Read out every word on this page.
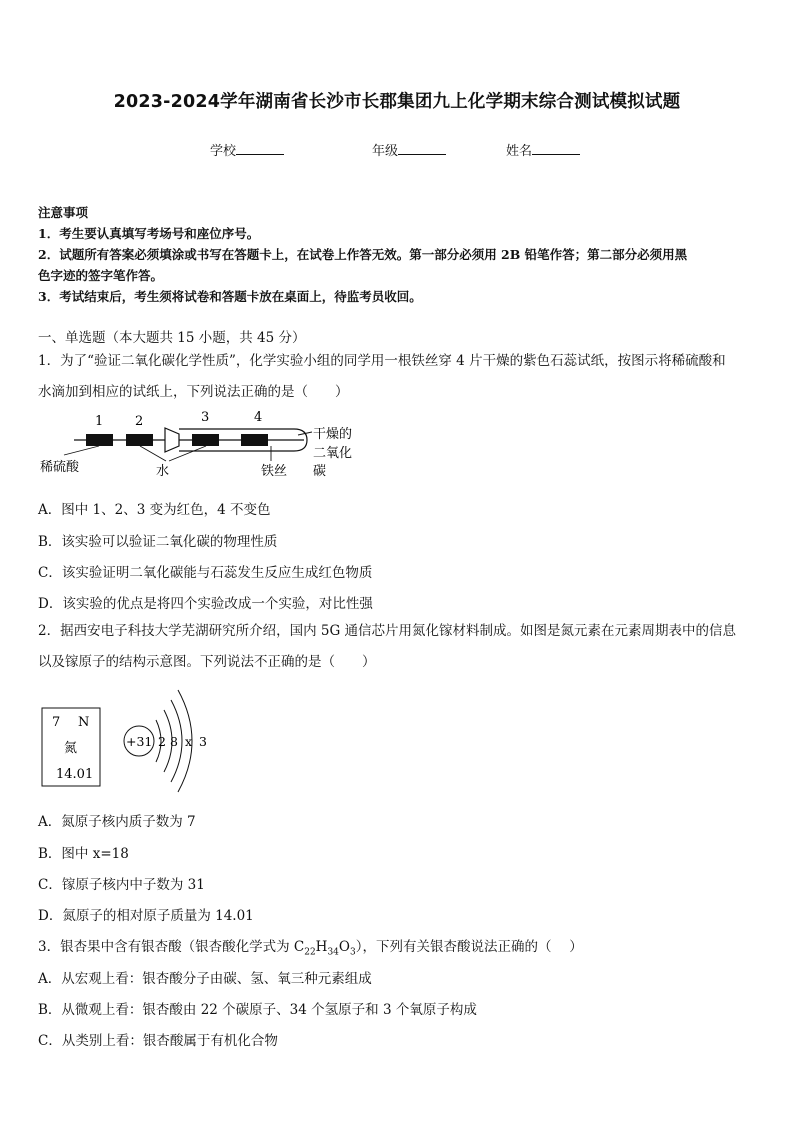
2023-2024学年湖南省长沙市长郡集团九上化学期末综合测试模拟试题
学校	年级	姓名
注意事项
1．考生要认真填写考场号和座位序号。
2．试题所有答案必须填涂或书写在答题卡上，在试卷上作答无效。第一部分必须用 2B 铅笔作答；第二部分必须用黑
色字迹的签字笔作答。
3．考试结束后，考生须将试卷和答题卡放在桌面上，待监考员收回。
一、单选题（本大题共 15 小题，共 45 分）
1．为了“验证二氧化碳化学性质”，化学实验小组的同学用一根铁丝穿 4 片干燥的紫色石蕊试纸，按图示将稀硫酸和
水滴加到相应的试纸上，下列说法正确的是（　　）
1 2	3	4
稀硫酸	水	铁丝
干燥的
二氧化
碳
A．图中 1、2、3 变为红色，4 不变色
B．该实验可以验证二氧化碳的物理性质
C．该实验证明二氧化碳能与石蕊发生反应生成红色物质
D．该实验的优点是将四个实验改成一个实验，对比性强
2．据西安电子科技大学芜湖研究所介绍，国内 5G 通信芯片用氮化镓材料制成。如图是氮元素在元素周期表中的信息
以及镓原子的结构示意图。下列说法不正确的是（　　）
7 N
氮
14.01
+31 2 8 x 3
A．氮原子核内质子数为 7
B．图中 x=18
C．镓原子核内中子数为 31
D．氮原子的相对原子质量为 14.01
3．银杏果中含有银杏酸（银杏酸化学式为 $C_{22}H_{34}O_3$），下列有关银杏酸说法正确的（　 ）
A．从宏观上看：银杏酸分子由碳、氢、氧三种元素组成
B．从微观上看：银杏酸由 22 个碳原子、34 个氢原子和 3 个氧原子构成
C．从类别上看：银杏酸属于有机化合物
